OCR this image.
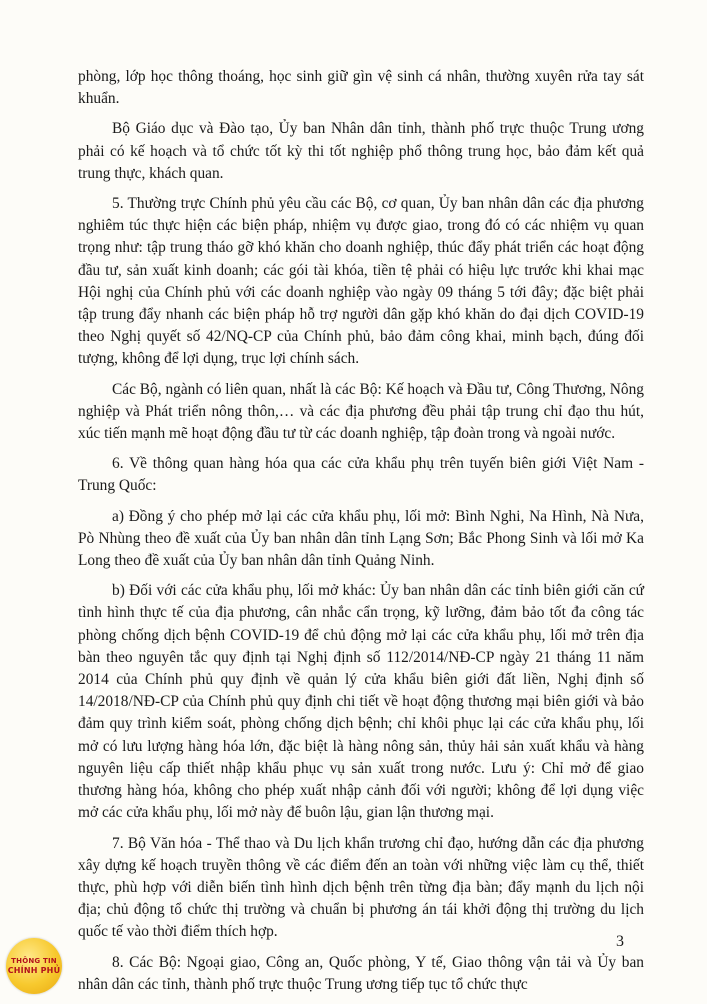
phòng, lớp học thông thoáng, học sinh giữ gìn vệ sinh cá nhân, thường xuyên rửa tay sát khuẩn.

Bộ Giáo dục và Đào tạo, Ủy ban Nhân dân tỉnh, thành phố trực thuộc Trung ương phải có kế hoạch và tổ chức tốt kỳ thi tốt nghiệp phổ thông trung học, bảo đảm kết quả trung thực, khách quan.

5. Thường trực Chính phủ yêu cầu các Bộ, cơ quan, Ủy ban nhân dân các địa phương nghiêm túc thực hiện các biện pháp, nhiệm vụ được giao, trong đó có các nhiệm vụ quan trọng như: tập trung tháo gỡ khó khăn cho doanh nghiệp, thúc đẩy phát triển các hoạt động đầu tư, sản xuất kinh doanh; các gói tài khóa, tiền tệ phải có hiệu lực trước khi khai mạc Hội nghị của Chính phủ với các doanh nghiệp vào ngày 09 tháng 5 tới đây; đặc biệt phải tập trung đẩy nhanh các biện pháp hỗ trợ người dân gặp khó khăn do đại dịch COVID-19 theo Nghị quyết số 42/NQ-CP của Chính phủ, bảo đảm công khai, minh bạch, đúng đối tượng, không để lợi dụng, trục lợi chính sách.

Các Bộ, ngành có liên quan, nhất là các Bộ: Kế hoạch và Đầu tư, Công Thương, Nông nghiệp và Phát triển nông thôn,… và các địa phương đều phải tập trung chỉ đạo thu hút, xúc tiến mạnh mẽ hoạt động đầu tư từ các doanh nghiệp, tập đoàn trong và ngoài nước.

6. Về thông quan hàng hóa qua các cửa khẩu phụ trên tuyến biên giới Việt Nam - Trung Quốc:

a) Đồng ý cho phép mở lại các cửa khẩu phụ, lối mở: Bình Nghi, Na Hình, Nà Nưa, Pò Nhùng theo đề xuất của Ủy ban nhân dân tỉnh Lạng Sơn; Bắc Phong Sinh và lối mở Ka Long theo đề xuất của Ủy ban nhân dân tỉnh Quảng Ninh.

b) Đối với các cửa khẩu phụ, lối mở khác: Ủy ban nhân dân các tỉnh biên giới căn cứ tình hình thực tế của địa phương, cân nhắc cẩn trọng, kỹ lưỡng, đảm bảo tốt đa công tác phòng chống dịch bệnh COVID-19 để chủ động mở lại các cửa khẩu phụ, lối mở trên địa bàn theo nguyên tắc quy định tại Nghị định số 112/2014/NĐ-CP ngày 21 tháng 11 năm 2014 của Chính phủ quy định về quản lý cửa khẩu biên giới đất liền, Nghị định số 14/2018/NĐ-CP của Chính phủ quy định chi tiết về hoạt động thương mại biên giới và bảo đảm quy trình kiểm soát, phòng chống dịch bệnh; chỉ khôi phục lại các cửa khẩu phụ, lối mở có lưu lượng hàng hóa lớn, đặc biệt là hàng nông sản, thủy hải sản xuất khẩu và hàng nguyên liệu cấp thiết nhập khẩu phục vụ sản xuất trong nước. Lưu ý: Chỉ mở để giao thương hàng hóa, không cho phép xuất nhập cảnh đối với người; không để lợi dụng việc mở các cửa khẩu phụ, lối mở này để buôn lậu, gian lận thương mại.

7. Bộ Văn hóa - Thể thao và Du lịch khẩn trương chỉ đạo, hướng dẫn các địa phương xây dựng kế hoạch truyền thông về các điểm đến an toàn với những việc làm cụ thể, thiết thực, phù hợp với diễn biến tình hình dịch bệnh trên từng địa bàn; đẩy mạnh du lịch nội địa; chủ động tổ chức thị trường và chuẩn bị phương án tái khởi động thị trường du lịch quốc tế vào thời điểm thích hợp.

8. Các Bộ: Ngoại giao, Công an, Quốc phòng, Y tế, Giao thông vận tải và Ủy ban nhân dân các tỉnh, thành phố trực thuộc Trung ương tiếp tục tổ chức thực

3
THÔNG TIN
CHÍNH PHỦ
